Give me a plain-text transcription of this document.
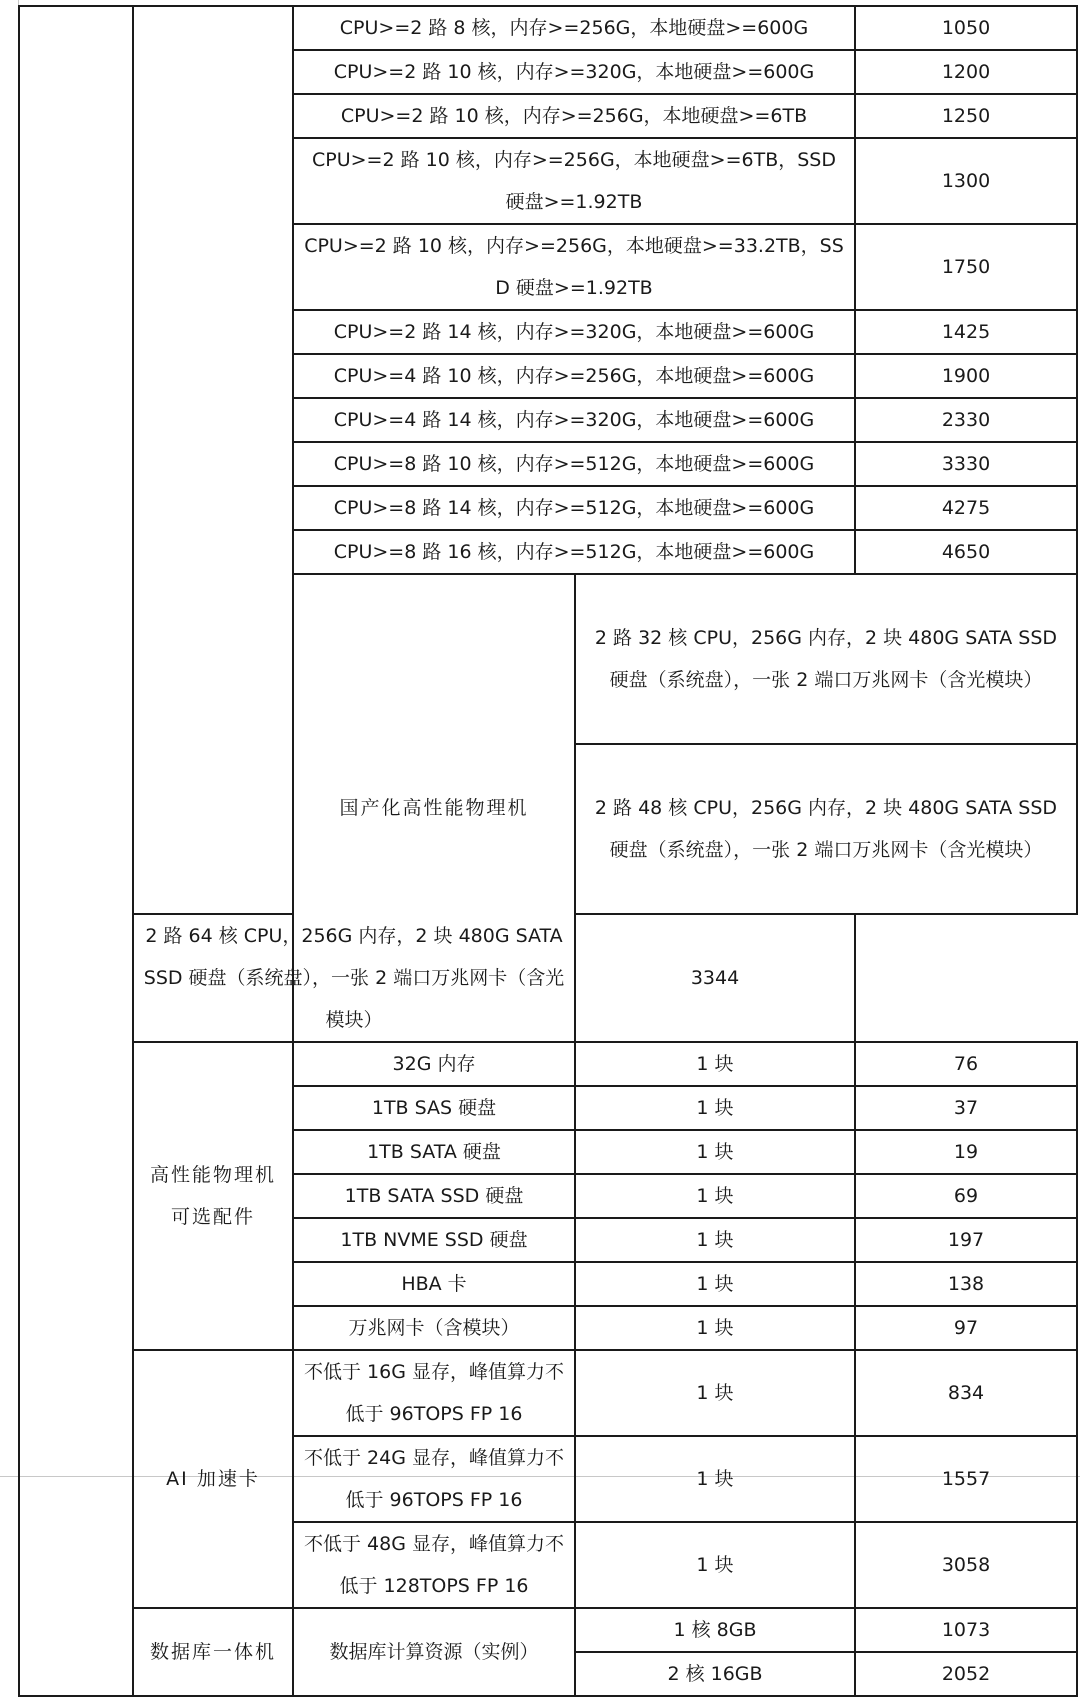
		CPU>=2 路 8 核，内存>=256G，本地硬盘>=600G		1050	
		CPU>=2 路 10 核，内存>=320G，本地硬盘>=600G		1200	
		CPU>=2 路 10 核，内存>=256G，本地硬盘>=6TB		1250	
		CPU>=2 路 10 核，内存>=256G，本地硬盘>=6TB，SSD 硬盘>=1.92TB		1300	
		CPU>=2 路 10 核，内存>=256G，本地硬盘>=33.2TB，SSD 硬盘>=1.92TB		1750	
		CPU>=2 路 14 核，内存>=320G，本地硬盘>=600G		1425	
		CPU>=4 路 10 核，内存>=256G，本地硬盘>=600G		1900	
		CPU>=4 路 14 核，内存>=320G，本地硬盘>=600G		2330	
		CPU>=8 路 10 核，内存>=512G，本地硬盘>=600G		3330	
		CPU>=8 路 14 核，内存>=512G，本地硬盘>=600G		4275	
		CPU>=8 路 16 核，内存>=512G，本地硬盘>=600G		4650	
		国产化高性能物理机	2 路 32 核 CPU，256G 内存，2 块 480G SATA SSD 硬盘（系统盘），一张 2 端口万兆网卡（含光模块）	
			2 路 48 核 CPU，256G 内存，2 块 480G SATA SSD 硬盘（系统盘），一张 2 端口万兆网卡（含光模块）	
	2 路 64 核 CPU，256G 内存，2 块 480G SATA SSD 硬盘（系统盘），一张 2 端口万兆网卡（含光模块）		3344		
	高性能物理机可选配件	32G 内存	1 块	76	
		1TB SAS 硬盘	1 块	37	
		1TB SATA 硬盘	1 块	19	
		1TB SATA SSD 硬盘	1 块	69	
		1TB NVME SSD 硬盘	1 块	197	
		HBA 卡	1 块	138	
		万兆网卡（含模块）	1 块	97	
	AI 加速卡	不低于 16G 显存，峰值算力不低于 96TOPS FP 16	1 块	834	
		不低于 24G 显存，峰值算力不低于 96TOPS FP 16	1 块	1557	
		不低于 48G 显存，峰值算力不低于 128TOPS FP 16	1 块	3058	
	数据库一体机	数据库计算资源（实例）	1 核 8GB	1073	
			2 核 16GB	2052	
